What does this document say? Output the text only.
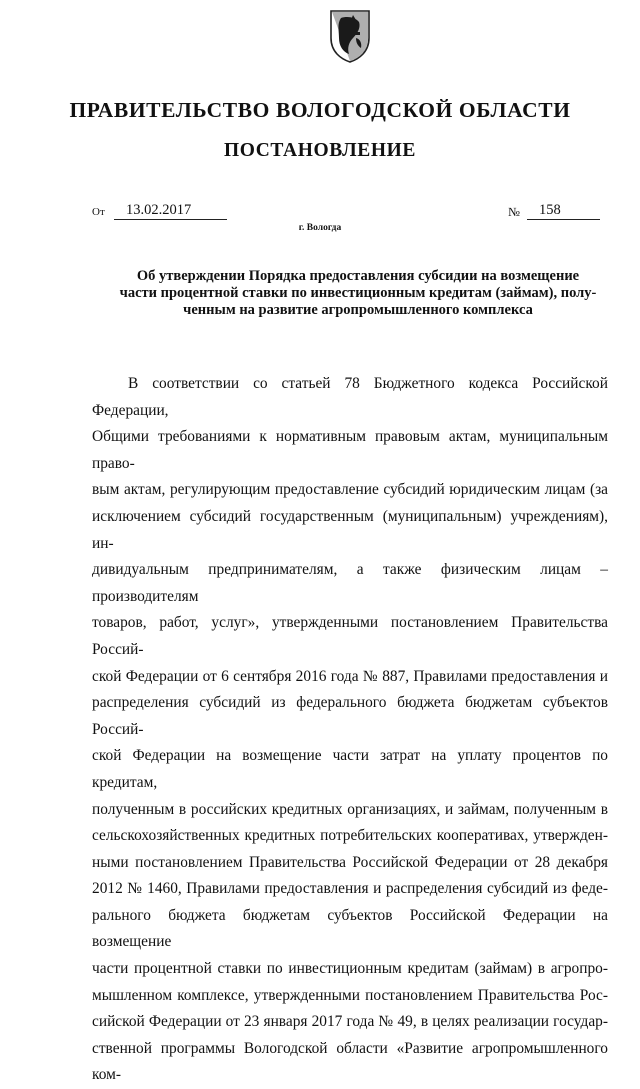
ПРАВИТЕЛЬСТВО ВОЛОГОДСКОЙ ОБЛАСТИ
ПОСТАНОВЛЕНИЕ
От	13.02.2017	№	158
г. Вологда
Об утверждении Порядка предоставления субсидии на возмещение
части процентной ставки по инвестиционным кредитам (займам), полу-
ченным на развитие агропромышленного комплекса

В соответствии со статьей 78 Бюджетного кодекса Российской Федерации,
Общими требованиями к нормативным правовым актам, муниципальным право-
вым актам, регулирующим предоставление субсидий юридическим лицам (за
исключением субсидий государственным (муниципальным) учреждениям), ин-
дивидуальным предпринимателям, а также физическим лицам – производителям
товаров, работ, услуг», утвержденными постановлением Правительства Россий-
ской Федерации от 6 сентября 2016 года № 887, Правилами предоставления и
распределения субсидий из федерального бюджета бюджетам субъектов Россий-
ской Федерации на возмещение части затрат на уплату процентов по кредитам,
полученным в российских кредитных организациях, и займам, полученным в
сельскохозяйственных кредитных потребительских кооперативах, утвержден-
ными постановлением Правительства Российской Федерации от 28 декабря
2012 № 1460, Правилами предоставления и распределения субсидий из феде-
рального бюджета бюджетам субъектов Российской Федерации на возмещение
части процентной ставки по инвестиционным кредитам (займам) в агропро-
мышленном комплексе, утвержденными постановлением Правительства Рос-
сийской Федерации от 23 января 2017 года № 49, в целях реализации государ-
ственной программы Вологодской области «Развитие агропромышленного ком-
